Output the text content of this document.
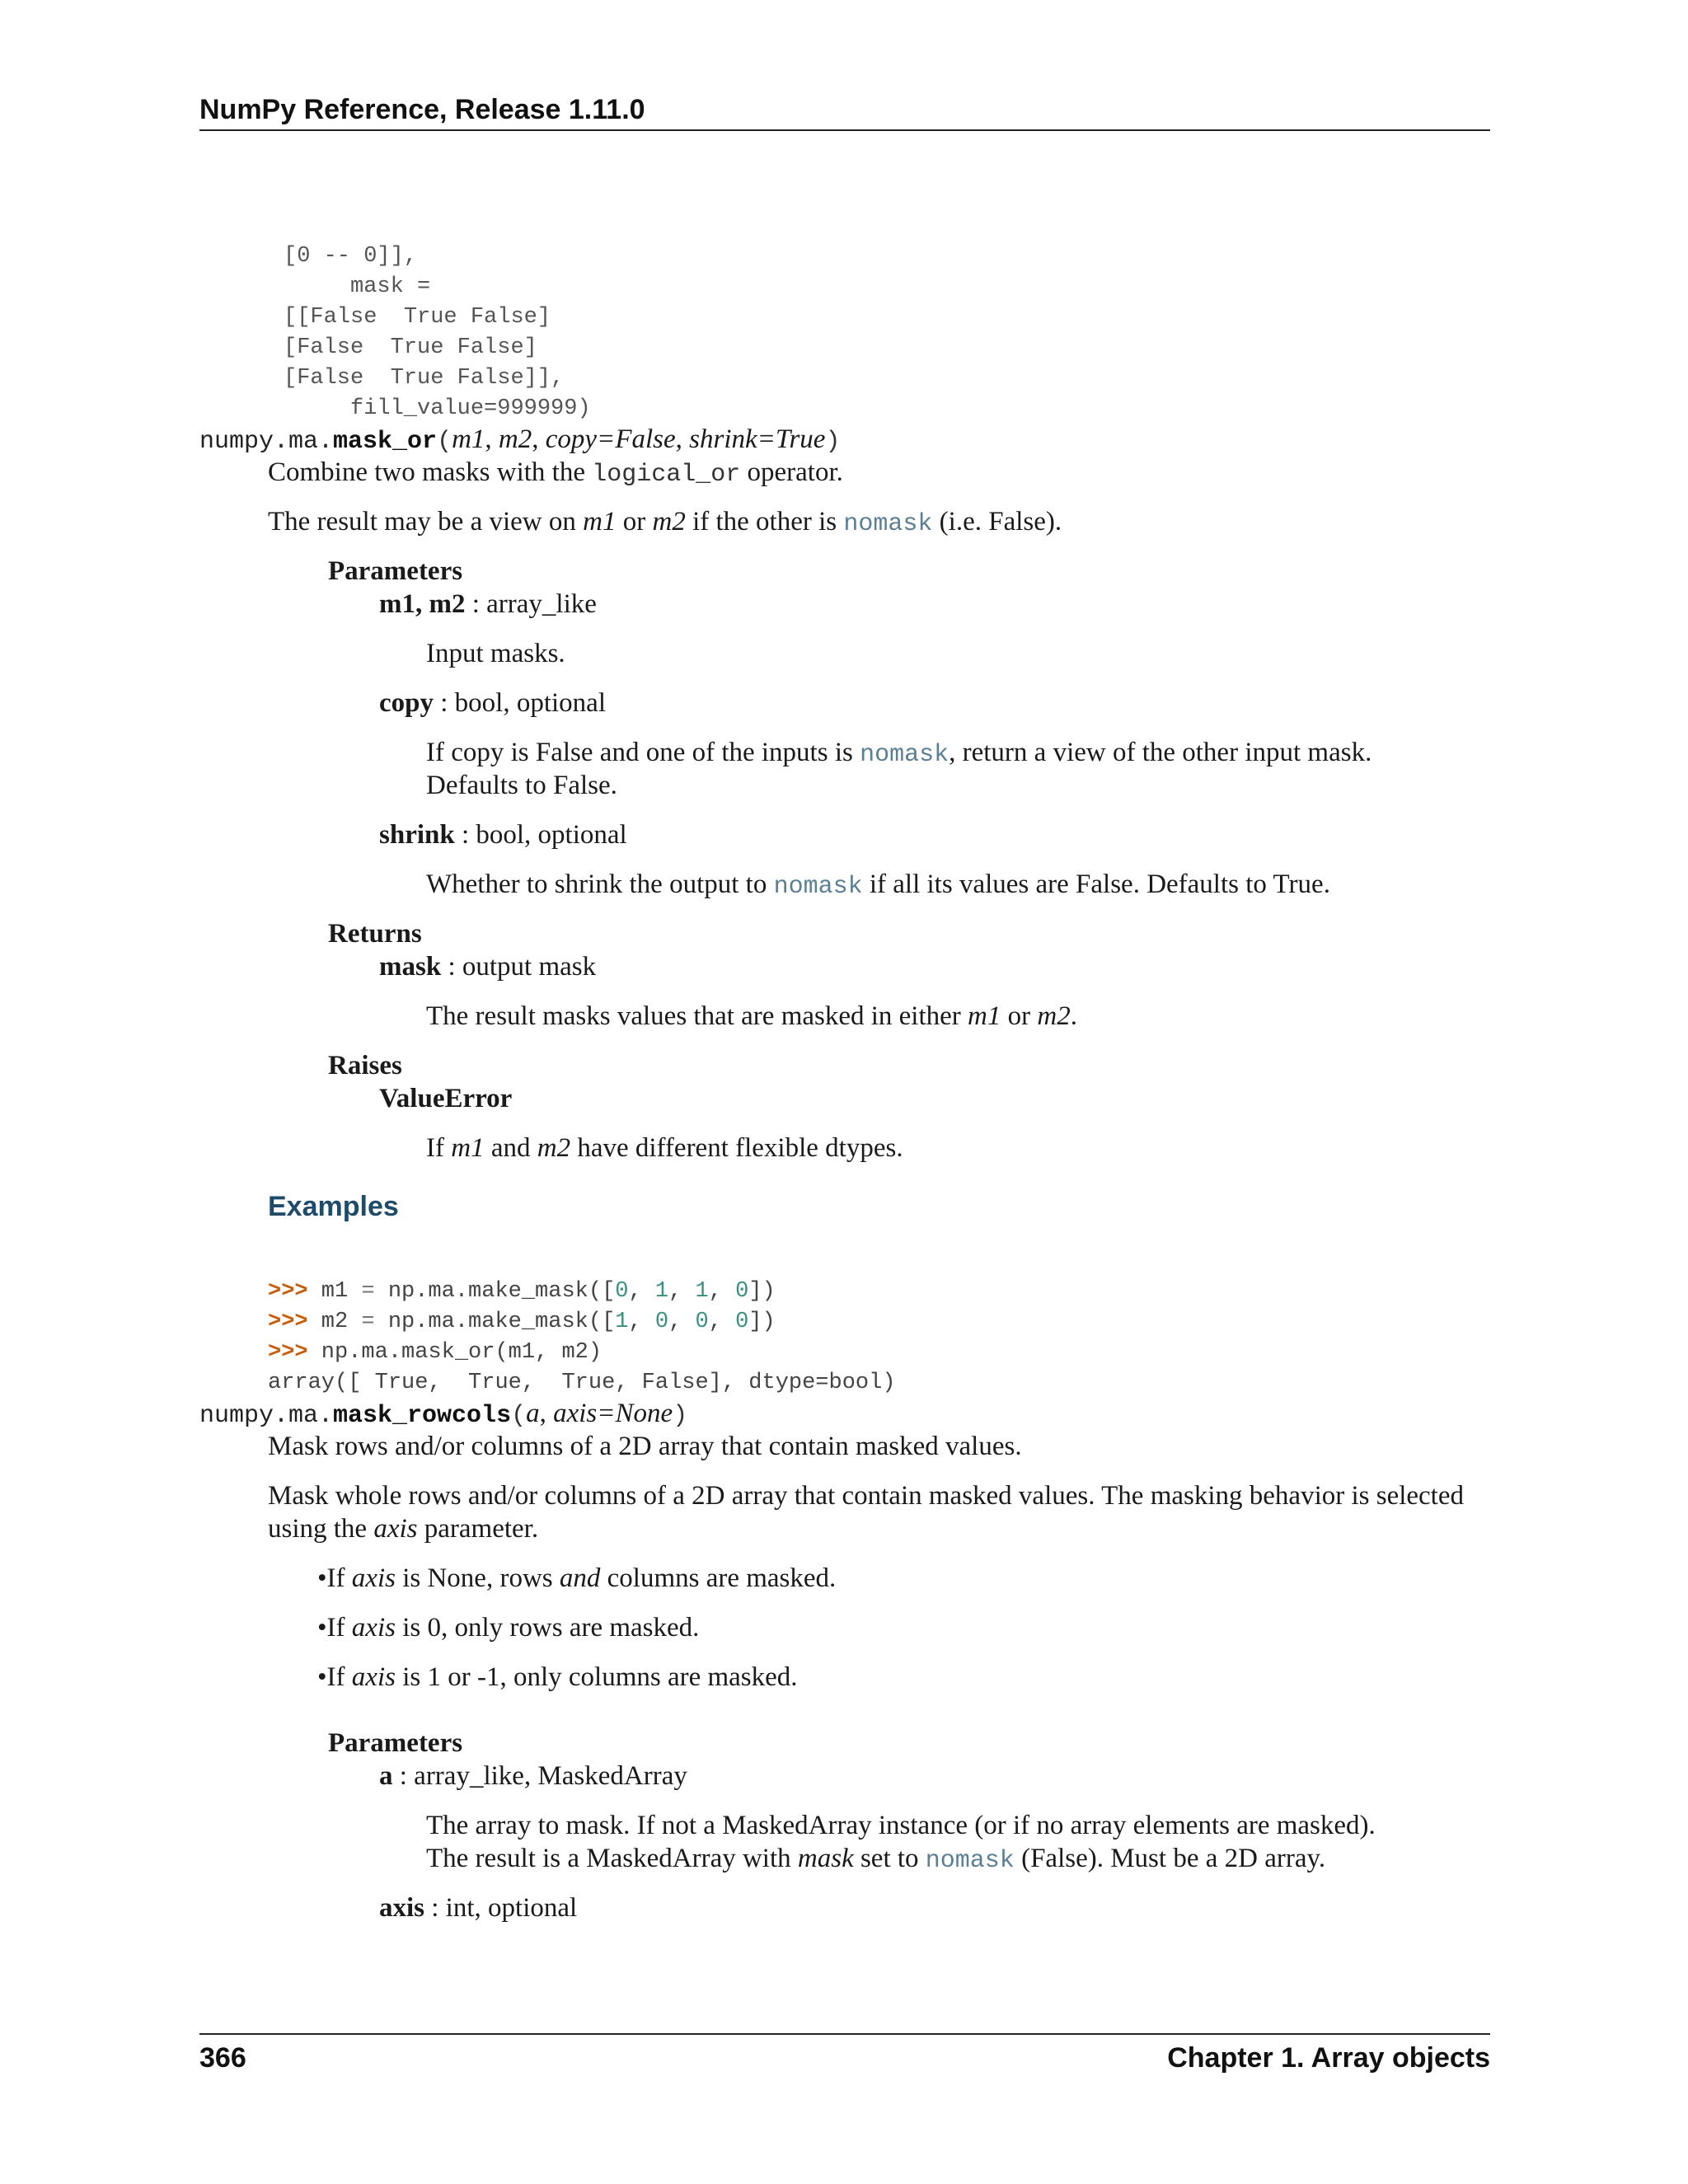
NumPy Reference, Release 1.11.0

[0 -- 0]],
mask =
[[False  True False]
[False  True False]
[False  True False]],
fill_value=999999)

numpy.ma.mask_or(m1, m2, copy=False, shrink=True)
Combine two masks with the logical_or operator.
The result may be a view on m1 or m2 if the other is nomask (i.e. False).
Parameters
m1, m2 : array_like
Input masks.
copy : bool, optional
If copy is False and one of the inputs is nomask, return a view of the other input mask.
Defaults to False.
shrink : bool, optional
Whether to shrink the output to nomask if all its values are False. Defaults to True.
Returns
mask : output mask
The result masks values that are masked in either m1 or m2.
Raises
ValueError
If m1 and m2 have different flexible dtypes.
Examples

>>> m1 = np.ma.make_mask([0, 1, 1, 0])
>>> m2 = np.ma.make_mask([1, 0, 0, 0])
>>> np.ma.mask_or(m1, m2)
array([ True,  True,  True, False], dtype=bool)

numpy.ma.mask_rowcols(a, axis=None)
Mask rows and/or columns of a 2D array that contain masked values.
Mask whole rows and/or columns of a 2D array that contain masked values. The masking behavior is selected
using the axis parameter.
•If axis is None, rows and columns are masked.
•If axis is 0, only rows are masked.
•If axis is 1 or -1, only columns are masked.
Parameters
a : array_like, MaskedArray
The array to mask. If not a MaskedArray instance (or if no array elements are masked).
The result is a MaskedArray with mask set to nomask (False). Must be a 2D array.
axis : int, optional
366	Chapter 1. Array objects
